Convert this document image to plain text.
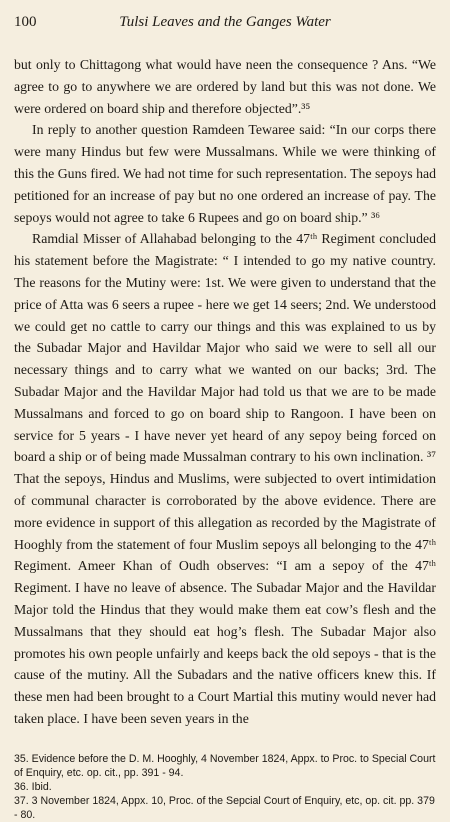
100	Tulsi Leaves and the Ganges Water

but only to Chittagong what would have neen the consequence ? Ans. “We agree to go to anywhere we are ordered by land but this was not done. We were ordered on board ship and therefore objected”.³⁵

In reply to another question Ramdeen Tewaree said: “In our corps there were many Hindus but few were Mussalmans. While we were thinking of this the Guns fired. We had not time for such representation. The sepoys had petitioned for an increase of pay but no one ordered an increase of pay. The sepoys would not agree to take 6 Rupees and go on board ship.” ³⁶

Ramdial Misser of Allahabad belonging to the 47ᵗʰ Regiment concluded his statement before the Magistrate: “ I intended to go my native country. The reasons for the Mutiny were: 1st. We were given to understand that the price of Atta was 6 seers a rupee - here we get 14 seers; 2nd. We understood we could get no cattle to carry our things and this was explained to us by the Subadar Major and Havildar Major who said we were to sell all our necessary things and to carry what we wanted on our backs; 3rd. The Subadar Major and the Havildar Major had told us that we are to be made Mussalmans and forced to go on board ship to Rangoon. I have been on service for 5 years - I have never yet heard of any sepoy being forced on board a ship or of being made Mussalman contrary to his own inclination. ³⁷ That the sepoys, Hindus and Muslims, were subjected to overt intimidation of communal character is corroborated by the above evidence. There are more evidence in support of this allegation as recorded by the Magistrate of Hooghly from the statement of four Muslim sepoys all belonging to the 47ᵗʰ Regiment. Ameer Khan of Oudh observes: “I am a sepoy of the 47ᵗʰ Regiment. I have no leave of absence. The Subadar Major and the Havildar Major told the Hindus that they would make them eat cow’s flesh and the Mussalmans that they should eat hog’s flesh. The Subadar Major also promotes his own people unfairly and keeps back the old sepoys - that is the cause of the mutiny. All the Subadars and the native officers knew this. If these men had been brought to a Court Martial this mutiny would never had taken place. I have been seven years in the

35. Evidence before the D. M. Hooghly, 4 November 1824, Appx. to Proc. to Special Court of Enquiry, etc. op. cit., pp. 391 - 94.

36. Ibid.

37. 3 November 1824, Appx. 10, Proc. of the Sepcial Court of Enquiry, etc, op. cit. pp. 379 - 80.
